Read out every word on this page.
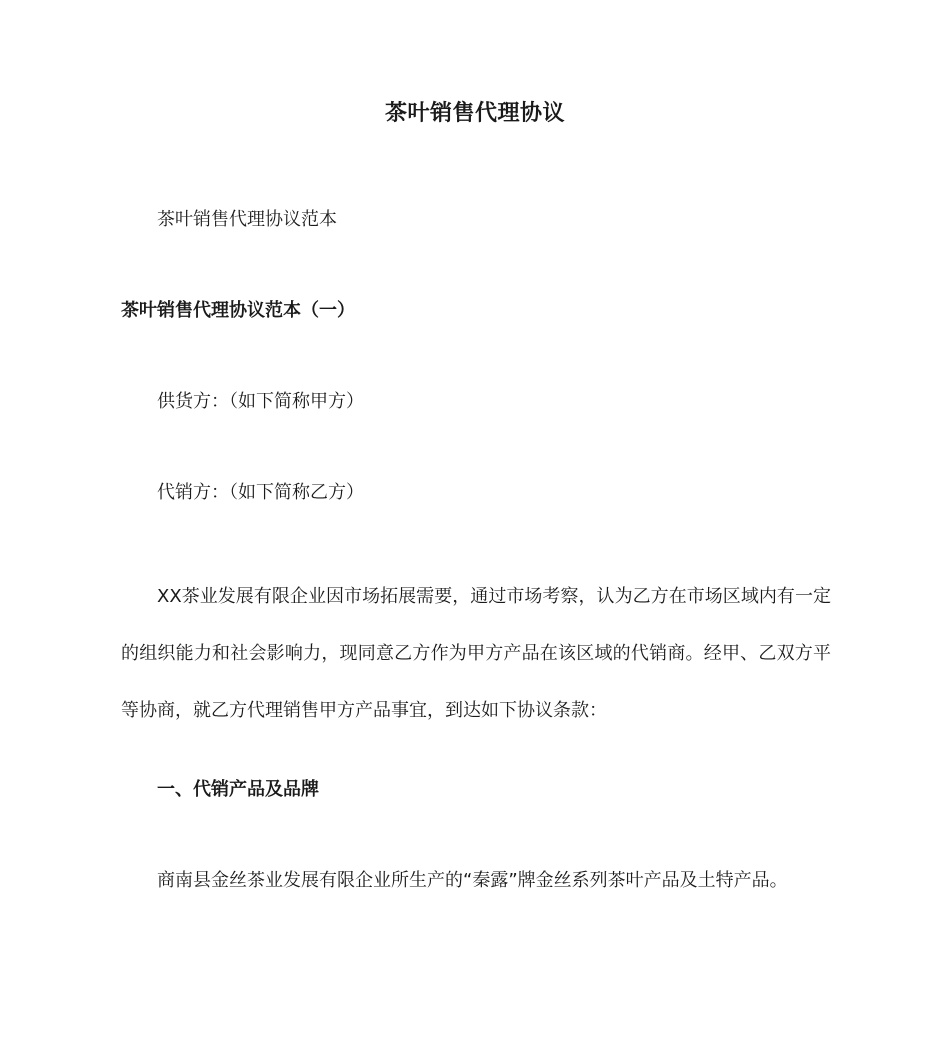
茶叶销售代理协议
茶叶销售代理协议范本
茶叶销售代理协议范本（一）
供货方：（如下简称甲方）
代销方：（如下简称乙方）
XX茶业发展有限企业因市场拓展需要，通过市场考察，认为乙方在市场区域内有一定的组织能力和社会影响力，现同意乙方作为甲方产品在该区域的代销商。经甲、乙双方平等协商，就乙方代理销售甲方产品事宜，到达如下协议条款：
一、代销产品及品牌
商南县金丝茶业发展有限企业所生产的“秦露”牌金丝系列茶叶产品及土特产品。
